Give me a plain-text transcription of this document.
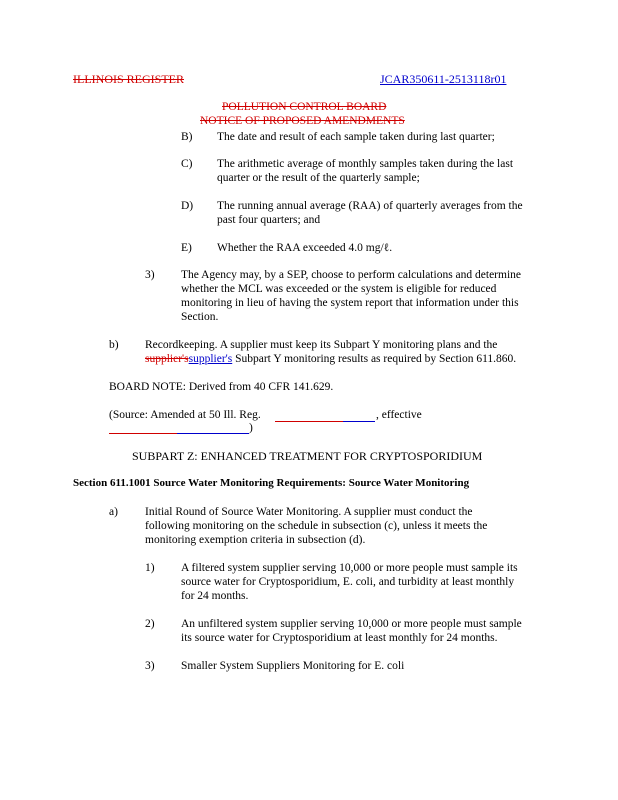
ILLINOIS REGISTER	JCAR350611-2513118r01
POLLUTION CONTROL BOARD
NOTICE OF PROPOSED AMENDMENTS
B) The date and result of each sample taken during last quarter;
C) The arithmetic average of monthly samples taken during the last
quarter or the result of the quarterly sample;
D) The running annual average (RAA) of quarterly averages from the
past four quarters; and
E) Whether the RAA exceeded 4.0 mg/ℓ.
3) The Agency may, by a SEP, choose to perform calculations and determine
whether the MCL was exceeded or the system is eligible for reduced
monitoring in lieu of having the system report that information under this
Section.
b) Recordkeeping. A supplier must keep its Subpart Y monitoring plans and the
supplier'ssupplier's Subpart Y monitoring results as required by Section 611.860.
BOARD NOTE: Derived from 40 CFR 141.629.
(Source: Amended at 50 Ill. Reg.	, effective
)
SUBPART Z: ENHANCED TREATMENT FOR CRYPTOSPORIDIUM
Section 611.1001 Source Water Monitoring Requirements: Source Water Monitoring
a) Initial Round of Source Water Monitoring. A supplier must conduct the
following monitoring on the schedule in subsection (c), unless it meets the
monitoring exemption criteria in subsection (d).
1) A filtered system supplier serving 10,000 or more people must sample its
source water for Cryptosporidium, E. coli, and turbidity at least monthly
for 24 months.
2) An unfiltered system supplier serving 10,000 or more people must sample
its source water for Cryptosporidium at least monthly for 24 months.
3) Smaller System Suppliers Monitoring for E. coli
